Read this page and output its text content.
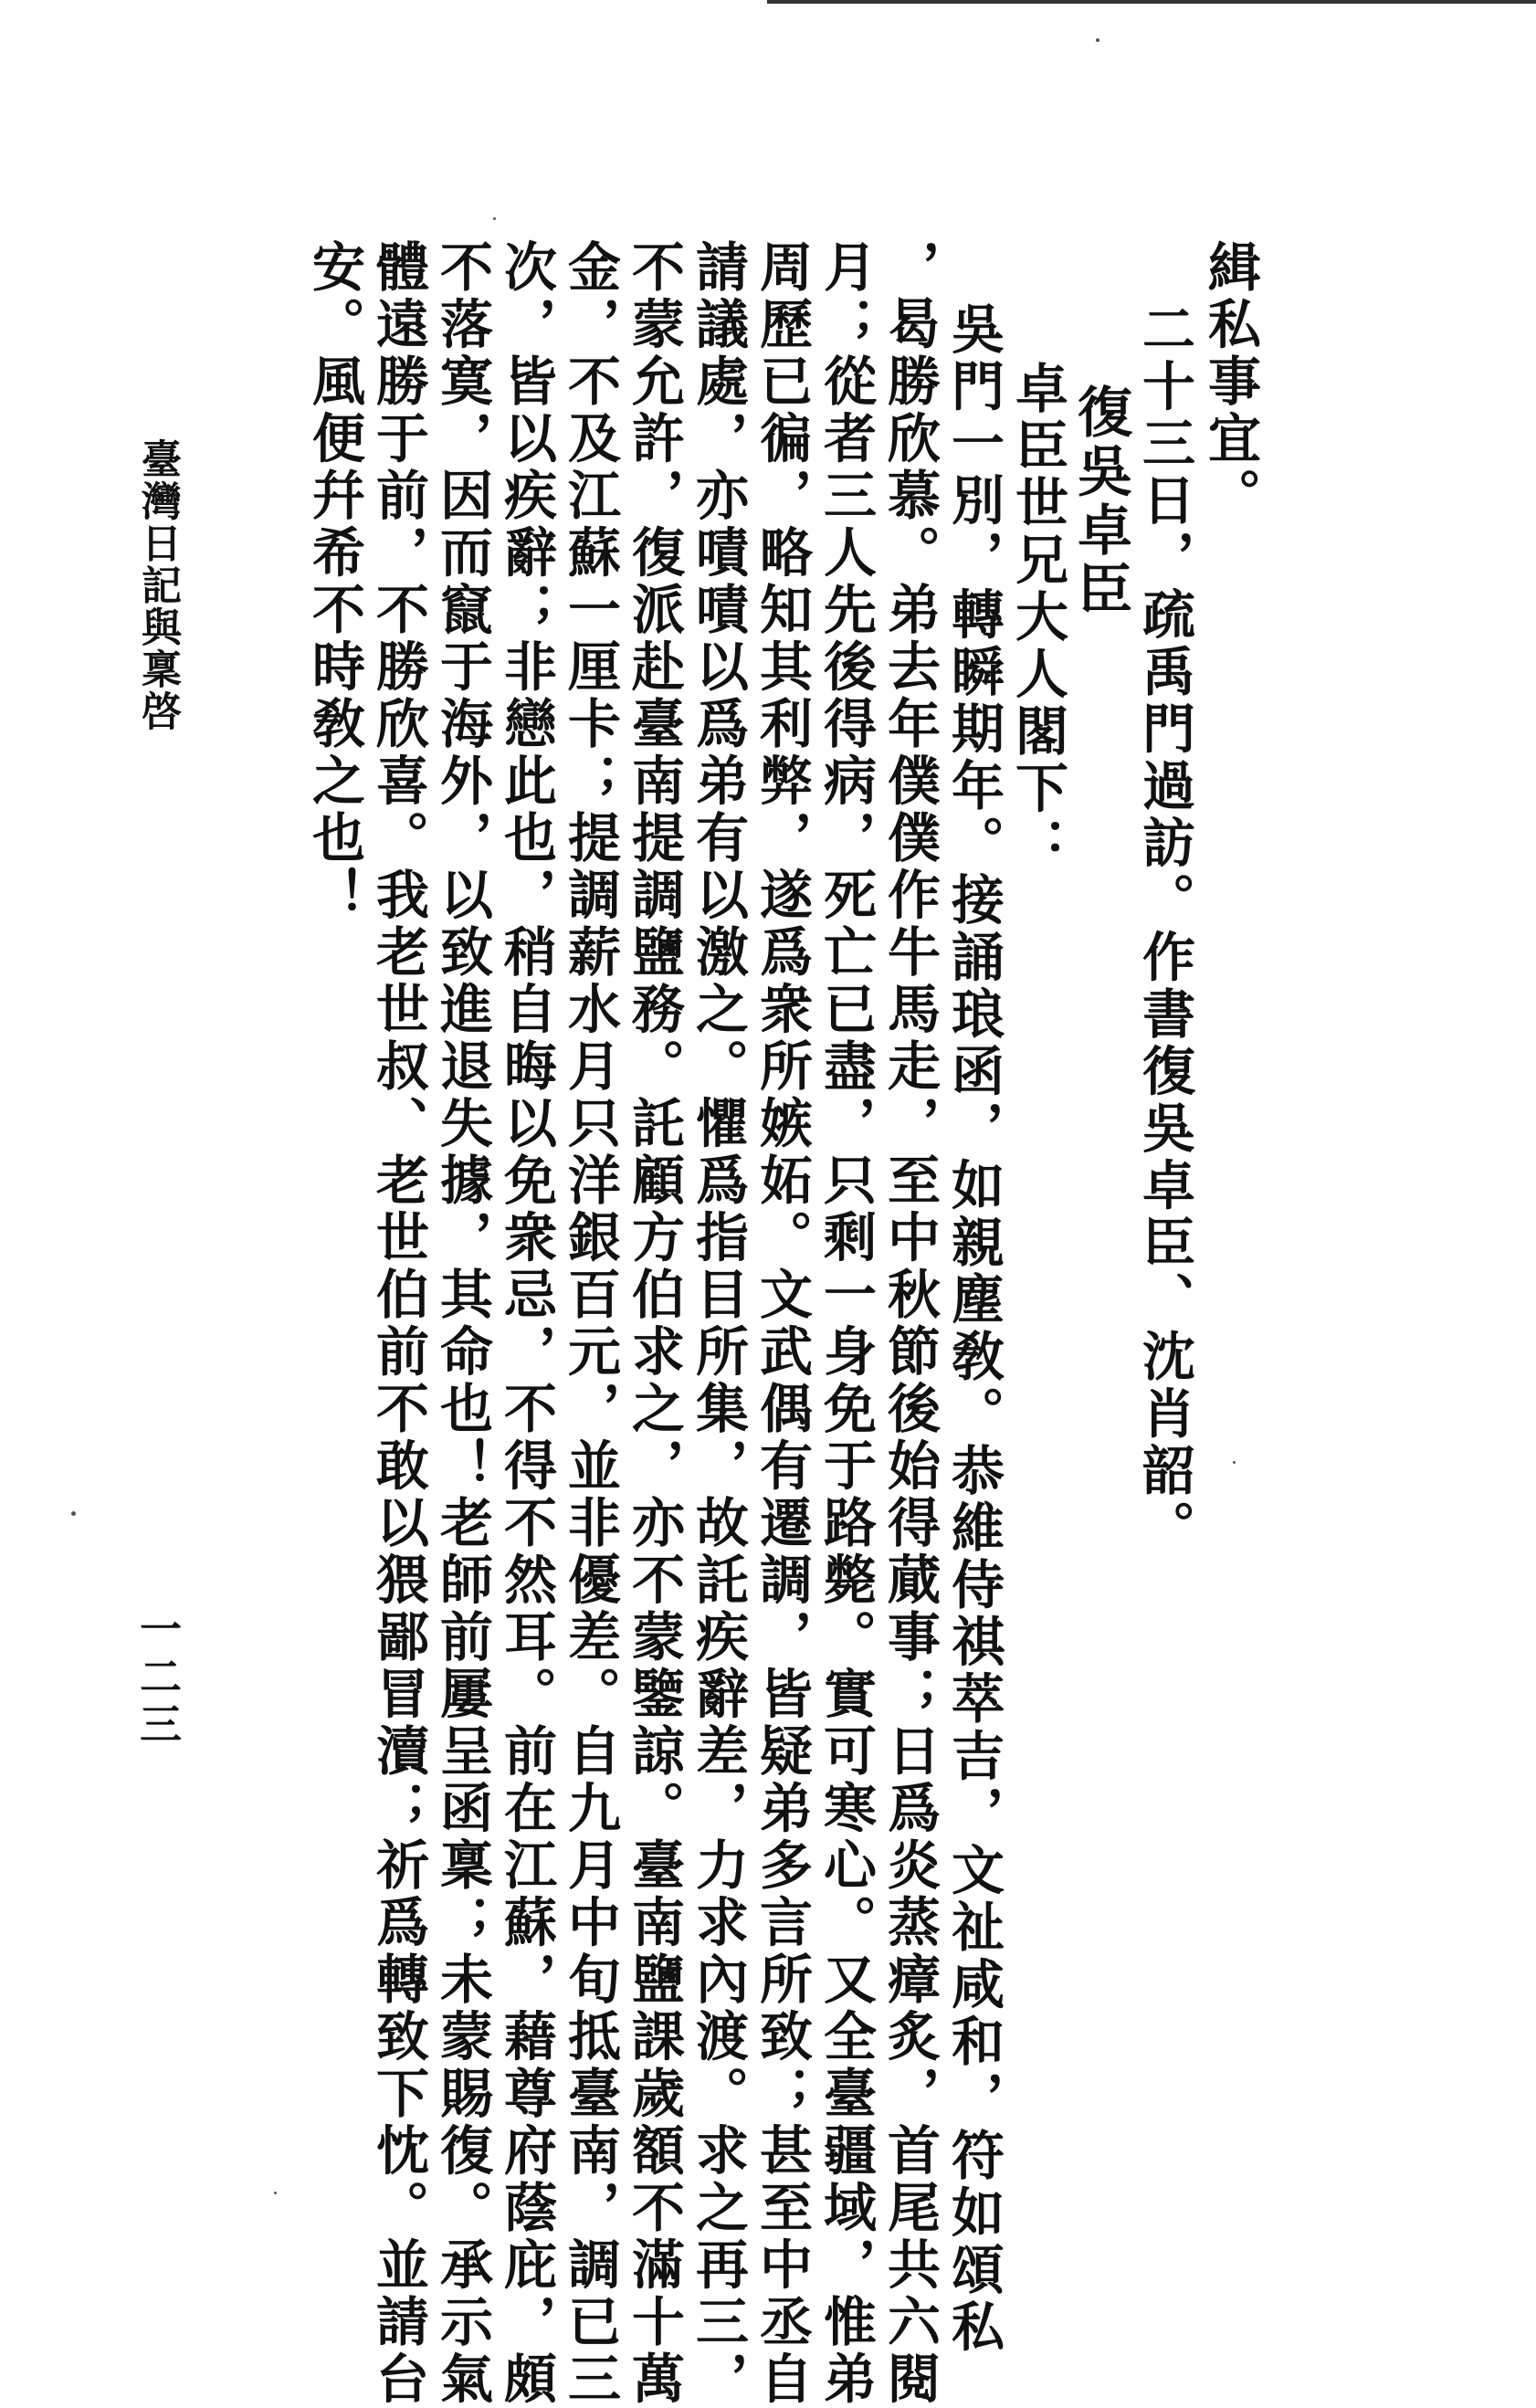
緝私事宜。
二十三日，疏禹門過訪。作書復吳卓臣、沈肖韶。
復吳卓臣
卓臣世兄大人閣下：
吳門一別，轉瞬期年。接誦琅函，如親塵敎。恭維侍祺萃吉，文祉咸和，符如頌私
，曷勝欣慕。弟去年僕僕作牛馬走，至中秋節後始得蕆事；日爲炎蒸瘴炙，首尾共六閱
月；從者三人先後得病，死亡已盡，只剩一身免于路斃。實可寒心。又全臺疆域，惟弟
周歷已徧，略知其利弊，遂爲衆所嫉妬。文武偶有遷調，皆疑弟多言所致；甚至中丞自
請議處，亦嘖嘖以爲弟有以激之。懼爲指目所集，故託疾辭差，力求內渡。求之再三，
不蒙允許，復派赴臺南提調鹽務。託顧方伯求之，亦不蒙鑒諒。臺南鹽課歲額不滿十萬
金，不及江蘇一厘卡；提調薪水月只洋銀百元，並非優差。自九月中旬抵臺南，調已三
次，皆以疾辭；非戀此也，稍自晦以免衆忌，不得不然耳。前在江蘇，藉尊府蔭庇，頗
不落寞，因而竄于海外，以致進退失據，其命也！老師前屢呈函稟；未蒙賜復。承示氣
體遠勝于前，不勝欣喜。我老世叔、老世伯前不敢以猥鄙冒瀆；祈爲轉致下忱。並請台
安。風便幷希不時敎之也！
臺灣日記與稟啓
一二三
